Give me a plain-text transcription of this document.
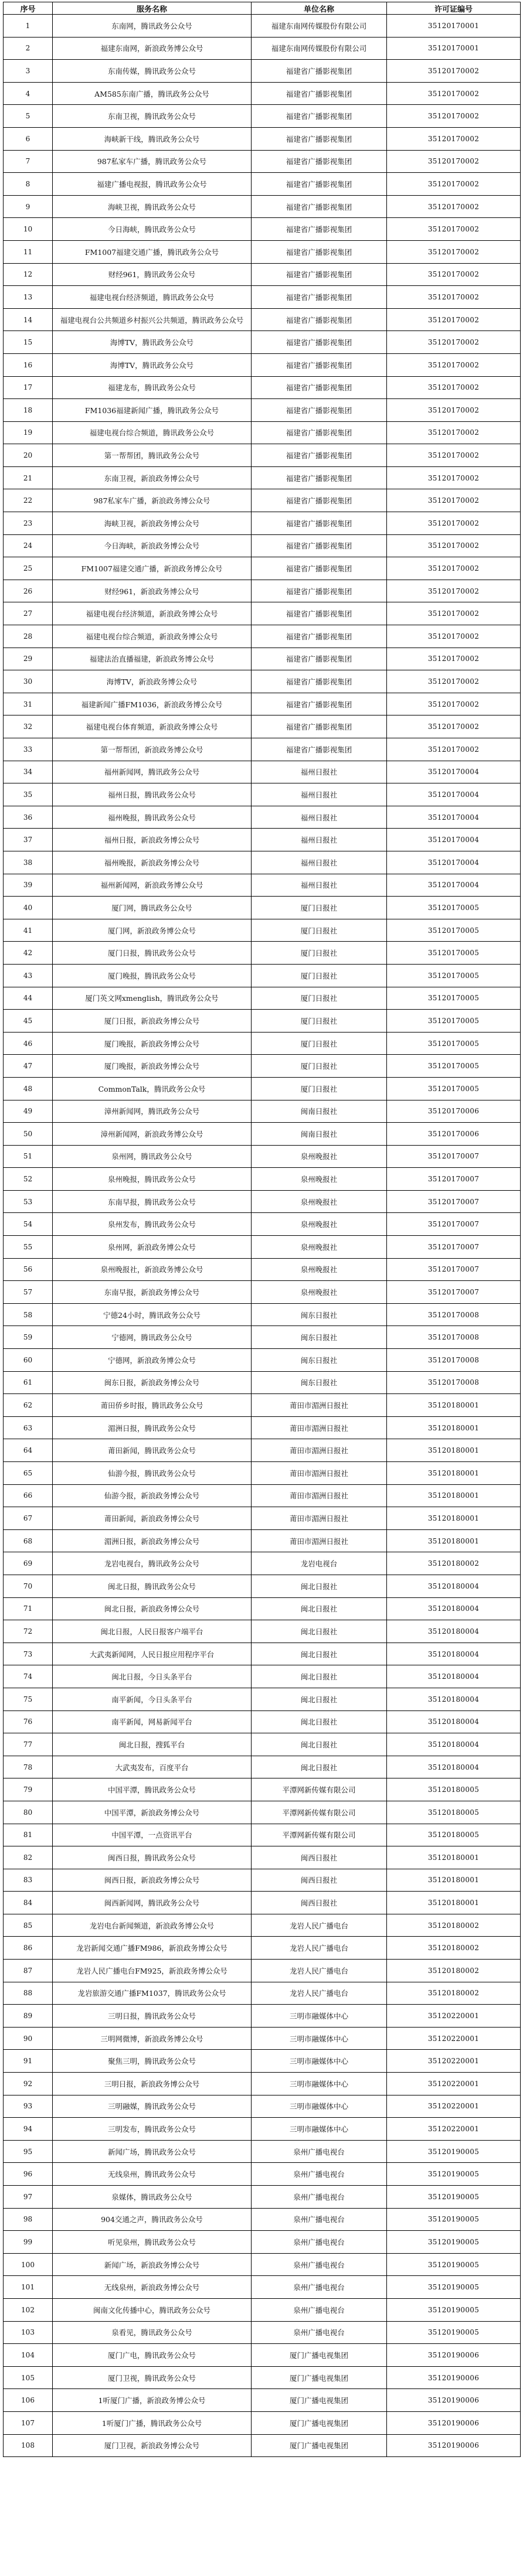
序号	服务名称	单位名称	许可证编号
1	东南网，腾讯政务公众号	福建东南网传媒股份有限公司	35120170001
2	福建东南网，新浪政务博公众号	福建东南网传媒股份有限公司	35120170001
3	东南传媒，腾讯政务公众号	福建省广播影视集团	35120170002
4	AM585东南广播，腾讯政务公众号	福建省广播影视集团	35120170002
5	东南卫视，腾讯政务公众号	福建省广播影视集团	35120170002
6	海峡新干线，腾讯政务公众号	福建省广播影视集团	35120170002
7	987私家车广播，腾讯政务公众号	福建省广播影视集团	35120170002
8	福建广播电视报，腾讯政务公众号	福建省广播影视集团	35120170002
9	海峡卫视，腾讯政务公众号	福建省广播影视集团	35120170002
10	今日海峡，腾讯政务公众号	福建省广播影视集团	35120170002
11	FM1007福建交通广播，腾讯政务公众号	福建省广播影视集团	35120170002
12	财经961，腾讯政务公众号	福建省广播影视集团	35120170002
13	福建电视台经济频道，腾讯政务公众号	福建省广播影视集团	35120170002
14	福建电视台公共频道乡村振兴公共频道，腾讯政务公众号	福建省广播影视集团	35120170002
15	海博TV，腾讯政务公众号	福建省广播影视集团	35120170002
16	海博TV，腾讯政务公众号	福建省广播影视集团	35120170002
17	福建龙布，腾讯政务公众号	福建省广播影视集团	35120170002
18	FM1036福建新闻广播，腾讯政务公众号	福建省广播影视集团	35120170002
19	福建电视台综合频道，腾讯政务公众号	福建省广播影视集团	35120170002
20	第一帮帮团，腾讯政务公众号	福建省广播影视集团	35120170002
21	东南卫视，新浪政务博公众号	福建省广播影视集团	35120170002
22	987私家车广播，新浪政务博公众号	福建省广播影视集团	35120170002
23	海峡卫视，新浪政务博公众号	福建省广播影视集团	35120170002
24	今日海峡，新浪政务博公众号	福建省广播影视集团	35120170002
25	FM1007福建交通广播，新浪政务博公众号	福建省广播影视集团	35120170002
26	财经961，新浪政务博公众号	福建省广播影视集团	35120170002
27	福建电视台经济频道，新浪政务博公众号	福建省广播影视集团	35120170002
28	福建电视台综合频道，新浪政务博公众号	福建省广播影视集团	35120170002
29	福建法治直播福建，新浪政务博公众号	福建省广播影视集团	35120170002
30	海博TV，新浪政务博公众号	福建省广播影视集团	35120170002
31	福建新闻广播FM1036，新浪政务博公众号	福建省广播影视集团	35120170002
32	福建电视台体育频道，新浪政务博公众号	福建省广播影视集团	35120170002
33	第一帮帮团，新浪政务博公众号	福建省广播影视集团	35120170002
34	福州新闻网，腾讯政务公众号	福州日报社	35120170004
35	福州日报，腾讯政务公众号	福州日报社	35120170004
36	福州晚报，腾讯政务公众号	福州日报社	35120170004
37	福州日报，新浪政务博公众号	福州日报社	35120170004
38	福州晚报，新浪政务博公众号	福州日报社	35120170004
39	福州新闻网，新浪政务博公众号	福州日报社	35120170004
40	厦门网，腾讯政务公众号	厦门日报社	35120170005
41	厦门网，新浪政务博公众号	厦门日报社	35120170005
42	厦门日报，腾讯政务公众号	厦门日报社	35120170005
43	厦门晚报，腾讯政务公众号	厦门日报社	35120170005
44	厦门英文网xmenglish，腾讯政务公众号	厦门日报社	35120170005
45	厦门日报，新浪政务博公众号	厦门日报社	35120170005
46	厦门晚报，新浪政务博公众号	厦门日报社	35120170005
47	厦门晚报，新浪政务博公众号	厦门日报社	35120170005
48	CommonTalk，腾讯政务公众号	厦门日报社	35120170005
49	漳州新闻网，腾讯政务公众号	闽南日报社	35120170006
50	漳州新闻网，新浪政务博公众号	闽南日报社	35120170006
51	泉州网，腾讯政务公众号	泉州晚报社	35120170007
52	泉州晚报，腾讯政务公众号	泉州晚报社	35120170007
53	东南早报，腾讯政务公众号	泉州晚报社	35120170007
54	泉州发布，腾讯政务公众号	泉州晚报社	35120170007
55	泉州网，新浪政务博公众号	泉州晚报社	35120170007
56	泉州晚报社，新浪政务博公众号	泉州晚报社	35120170007
57	东南早报，新浪政务博公众号	泉州晚报社	35120170007
58	宁德24小时，腾讯政务公众号	闽东日报社	35120170008
59	宁德网，腾讯政务公众号	闽东日报社	35120170008
60	宁德网，新浪政务博公众号	闽东日报社	35120170008
61	闽东日报，新浪政务博公众号	闽东日报社	35120170008
62	莆田侨乡时报，腾讯政务公众号	莆田市湄洲日报社	35120180001
63	湄洲日报，腾讯政务公众号	莆田市湄洲日报社	35120180001
64	莆田新闻，腾讯政务公众号	莆田市湄洲日报社	35120180001
65	仙游今报，腾讯政务公众号	莆田市湄洲日报社	35120180001
66	仙游今报，新浪政务博公众号	莆田市湄洲日报社	35120180001
67	莆田新闻，新浪政务博公众号	莆田市湄洲日报社	35120180001
68	湄洲日报，新浪政务博公众号	莆田市湄洲日报社	35120180001
69	龙岩电视台，腾讯政务公众号	龙岩电视台	35120180002
70	闽北日报，腾讯政务公众号	闽北日报社	35120180004
71	闽北日报，新浪政务博公众号	闽北日报社	35120180004
72	闽北日报，人民日报客户端平台	闽北日报社	35120180004
73	大武夷新闻网，人民日报应用程序平台	闽北日报社	35120180004
74	闽北日报，今日头条平台	闽北日报社	35120180004
75	南平新闻，今日头条平台	闽北日报社	35120180004
76	南平新闻，网易新闻平台	闽北日报社	35120180004
77	闽北日报，搜狐平台	闽北日报社	35120180004
78	大武夷发布，百度平台	闽北日报社	35120180004
79	中国平潭，腾讯政务公众号	平潭网新传媒有限公司	35120180005
80	中国平潭，新浪政务博公众号	平潭网新传媒有限公司	35120180005
81	中国平潭，一点资讯平台	平潭网新传媒有限公司	35120180005
82	闽西日报，腾讯政务公众号	闽西日报社	35120180001
83	闽西日报，新浪政务博公众号	闽西日报社	35120180001
84	闽西新闻网，腾讯政务公众号	闽西日报社	35120180001
85	龙岩电台新闻频道，新浪政务博公众号	龙岩人民广播电台	35120180002
86	龙岩新闻交通广播FM986，新浪政务博公众号	龙岩人民广播电台	35120180002
87	龙岩人民广播电台FM925，新浪政务博公众号	龙岩人民广播电台	35120180002
88	龙岩旅游交通广播FM1037，腾讯政务公众号	龙岩人民广播电台	35120180002
89	三明日报，腾讯政务公众号	三明市融媒体中心	35120220001
90	三明网微博，新浪政务博公众号	三明市融媒体中心	35120220001
91	聚焦三明，腾讯政务公众号	三明市融媒体中心	35120220001
92	三明日报，新浪政务博公众号	三明市融媒体中心	35120220001
93	三明融媒，腾讯政务公众号	三明市融媒体中心	35120220001
94	三明发布，腾讯政务公众号	三明市融媒体中心	35120220001
95	新闻广场，腾讯政务公众号	泉州广播电视台	35120190005
96	无线泉州，腾讯政务公众号	泉州广播电视台	35120190005
97	泉媒体，腾讯政务公众号	泉州广播电视台	35120190005
98	904交通之声，腾讯政务公众号	泉州广播电视台	35120190005
99	听见泉州，腾讯政务公众号	泉州广播电视台	35120190005
100	新闻广场，新浪政务博公众号	泉州广播电视台	35120190005
101	无线泉州，新浪政务博公众号	泉州广播电视台	35120190005
102	闽南文化传播中心，腾讯政务公众号	泉州广播电视台	35120190005
103	泉看见，腾讯政务公众号	泉州广播电视台	35120190005
104	厦门广电，腾讯政务公众号	厦门广播电视集团	35120190006
105	厦门卫视，腾讯政务公众号	厦门广播电视集团	35120190006
106	1听厦门广播，新浪政务博公众号	厦门广播电视集团	35120190006
107	1听厦门广播，腾讯政务公众号	厦门广播电视集团	35120190006
108	厦门卫视，新浪政务博公众号	厦门广播电视集团	35120190006
